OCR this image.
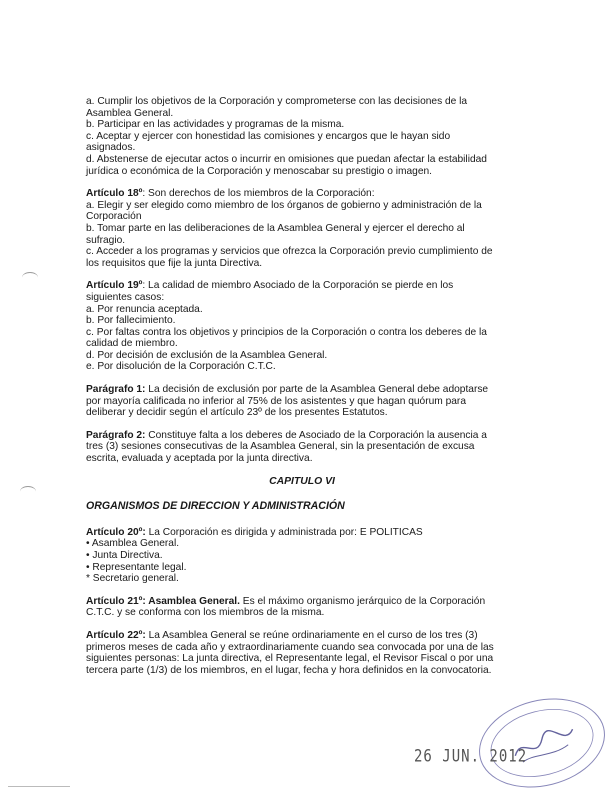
a. Cumplir los objetivos de la Corporación y comprometerse con las decisiones de la
Asamblea General.
b. Participar en las actividades y programas de la misma.
c. Aceptar y ejercer con honestidad las comisiones y encargos que le hayan sido
asignados.
d. Abstenerse de ejecutar actos o incurrir en omisiones que puedan afectar la estabilidad
jurídica o económica de la Corporación y menoscabar su prestigio o imagen.
Artículo 18º: Son derechos de los miembros de la Corporación:
a. Elegir y ser elegido como miembro de los órganos de gobierno y administración de la
Corporación
b. Tomar parte en las deliberaciones de la Asamblea General y ejercer el derecho al
sufragio.
c. Acceder a los programas y servicios que ofrezca la Corporación previo cumplimiento de
los requisitos que fije la junta Directiva.
Artículo 19º: La calidad de miembro Asociado de la Corporación se pierde en los
siguientes casos:
a. Por renuncia aceptada.
b. Por fallecimiento.
c. Por faltas contra los objetivos y principios de la Corporación o contra los deberes de la
calidad de miembro.
d. Por decisión de exclusión de la Asamblea General.
e. Por disolución de la Corporación C.T.C.
Parágrafo 1: La decisión de exclusión por parte de la Asamblea General debe adoptarse
por mayoría calificada no inferior al 75% de los asistentes y que hagan quórum para
deliberar y decidir según el artículo 23º de los presentes Estatutos.
Parágrafo 2: Constituye falta a los deberes de Asociado de la Corporación la ausencia a
tres (3) sesiones consecutivas de la Asamblea General, sin la presentación de excusa
escrita, evaluada y aceptada por la junta directiva.
CAPITULO VI
ORGANISMOS DE DIRECCION Y ADMINISTRACIÓN
Artículo 20º: La Corporación es dirigida y administrada por: E POLITICAS
• Asamblea General.
• Junta Directiva.
• Representante legal.
* Secretario general.
Artículo 21º: Asamblea General. Es el máximo organismo jerárquico de la Corporación
C.T.C. y se conforma con los miembros de la misma.
Artículo 22º: La Asamblea General se reúne ordinariamente en el curso de los tres (3)
primeros meses de cada año y extraordinariamente cuando sea convocada por una de las
siguientes personas: La junta directiva, el Representante legal, el Revisor Fiscal o por una
tercera parte (1/3) de los miembros, en el lugar, fecha y hora definidos en la convocatoria.
26 JUN. 2012
